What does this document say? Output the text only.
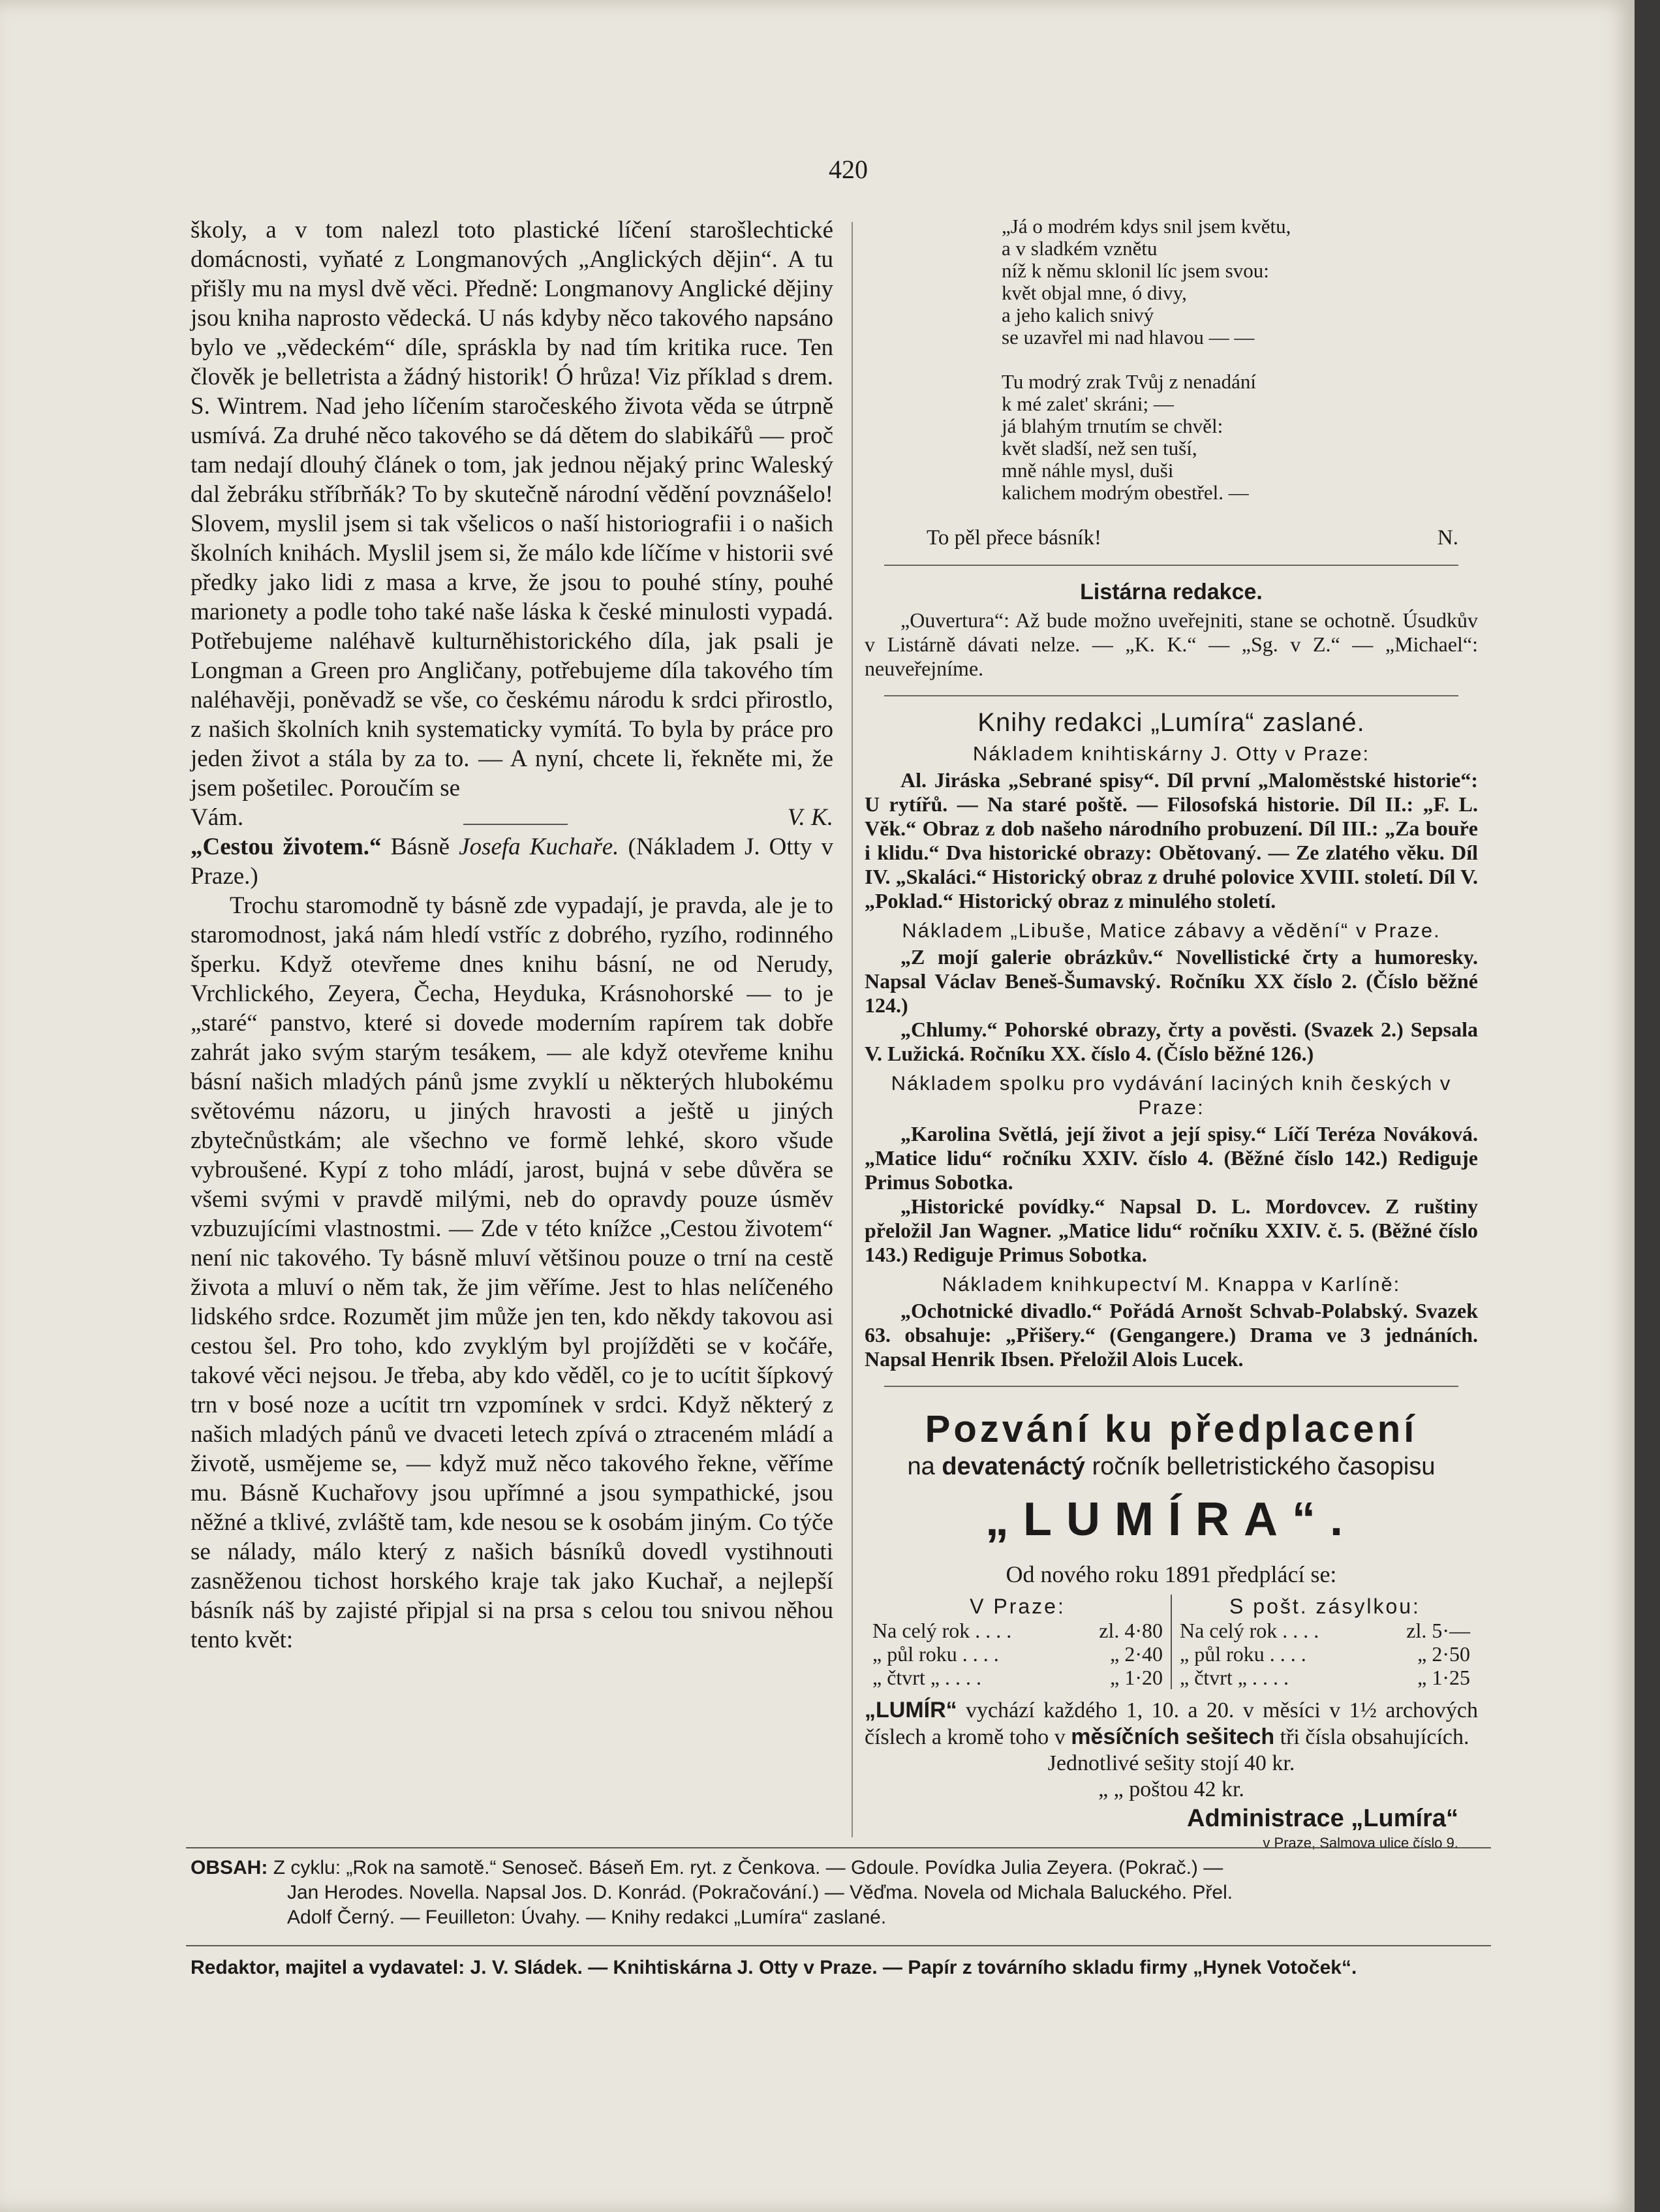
420

školy, a v tom nalezl toto plastické líčení starošlechtické domácnosti, vyňaté z Longmanových „Anglických dějin“. A tu přišly mu na mysl dvě věci. Předně: Longmanovy Anglické dějiny jsou kniha naprosto vědecká. U nás kdyby něco takového napsáno bylo ve „vědeckém“ díle, spráskla by nad tím kritika ruce. Ten člověk je belletrista a žádný historik! Ó hrůza! Viz příklad s drem. S. Wintrem. Nad jeho líčením staročeského života věda se útrpně usmívá. Za druhé něco takového se dá dětem do slabikářů — proč tam nedají dlouhý článek o tom, jak jednou nějaký princ Waleský dal žebráku stříbrňák? To by skutečně národní vědění povznášelo! Slovem, myslil jsem si tak všelicos o naší historiografii i o našich školních knihách. Myslil jsem si, že málo kde líčíme v historii své předky jako lidi z masa a krve, že jsou to pouhé stíny, pouhé marionety a podle toho také naše láska k české minulosti vypadá. Potřebujeme naléhavě kulturněhistorického díla, jak psali je Longman a Green pro Angličany, potřebujeme díla takového tím naléhavěji, poněvadž se vše, co českému národu k srdci přirostlo, z našich školních knih systematicky vymítá. To byla by práce pro jeden život a stála by za to. — A nyní, chcete li, řekněte mi, že jsem pošetilec. Poroučím se

Vám.	V. K.

„Cestou životem.“ Básně Josefa Kuchaře. (Nákladem J. Otty v Praze.)

Trochu staromodně ty básně zde vypadají, je pravda, ale je to staromodnost, jaká nám hledí vstříc z dobrého, ryzího, rodinného šperku. Když otevřeme dnes knihu básní, ne od Nerudy, Vrchlického, Zeyera, Čecha, Heyduka, Krásnohorské — to je „staré“ panstvo, které si dovede moderním rapírem tak dobře zahrát jako svým starým tesákem, — ale když otevřeme knihu básní našich mladých pánů jsme zvyklí u některých hlubokému světovému názoru, u jiných hravosti a ještě u jiných zbytečnůstkám; ale všechno ve formě lehké, skoro všude vybroušené. Kypí z toho mládí, jarost, bujná v sebe důvěra se všemi svými v pravdě milými, neb do opravdy pouze úsměv vzbuzujícími vlastnostmi. — Zde v této knížce „Cestou životem“ není nic takového. Ty básně mluví většinou pouze o trní na cestě života a mluví o něm tak, že jim věříme. Jest to hlas nelíčeného lidského srdce. Rozumět jim může jen ten, kdo někdy takovou asi cestou šel. Pro toho, kdo zvyklým byl projížděti se v kočáře, takové věci nejsou. Je třeba, aby kdo věděl, co je to ucítit šípkový trn v bosé noze a ucítit trn vzpomínek v srdci. Když některý z našich mladých pánů ve dvaceti letech zpívá o ztraceném mládí a životě, usmějeme se, — když muž něco takového řekne, věříme mu. Básně Kuchařovy jsou upřímné a jsou sympathické, jsou něžné a tklivé, zvláště tam, kde nesou se k osobám jiným. Co týče se nálady, málo který z našich básníků dovedl vystihnouti zasněženou tichost horského kraje tak jako Kuchař, a nejlepší básník náš by zajisté připjal si na prsa s celou tou snivou něhou tento květ:

„Já o modrém kdys snil jsem květu,
a v sladkém vznětu
níž k němu sklonil líc jsem svou:
květ objal mne, ó divy,
a jeho kalich snivý
se uzavřel mi nad hlavou — —
Tu modrý zrak Tvůj z nenadání
k mé zalet' skráni; —
já blahým trnutím se chvěl:
květ sladší, než sen tuší,
mně náhle mysl, duši
kalichem modrým obestřel. —
To pěl přece básník!	N.
Listárna redakce.

„Ouvertura“: Až bude možno uveřejniti, stane se ochotně. Úsudkův v Listárně dávati nelze. — „K. K.“ — „Sg. v Z.“ — „Michael“: neuveřejníme.

Knihy redakci „Lumíra“ zaslané.
Nákladem knihtiskárny J. Otty v Praze:

Al. Jiráska „Sebrané spisy“. Díl první „Maloměstské historie“: U rytířů. — Na staré poště. — Filosofská historie. Díl II.: „F. L. Věk.“ Obraz z dob našeho národního probuzení. Díl III.: „Za bouře i klidu.“ Dva historické obrazy: Obětovaný. — Ze zlatého věku. Díl IV. „Skaláci.“ Historický obraz z druhé polovice XVIII. století. Díl V. „Poklad.“ Historický obraz z minulého století.

Nákladem „Libuše, Matice zábavy a vědění“ v Praze.

„Z mojí galerie obrázkův.“ Novellistické črty a humoresky. Napsal Václav Beneš-Šumavský. Ročníku XX číslo 2. (Číslo běžné 124.)

„Chlumy.“ Pohorské obrazy, črty a pověsti. (Svazek 2.) Sepsala V. Lužická. Ročníku XX. číslo 4. (Číslo běžné 126.)

Nákladem spolku pro vydávání laciných knih českých v Praze:

„Karolina Světlá, její život a její spisy.“ Líčí Teréza Nováková. „Matice lidu“ ročníku XXIV. číslo 4. (Běžné číslo 142.) Rediguje Primus Sobotka.

„Historické povídky.“ Napsal D. L. Mordovcev. Z ruštiny přeložil Jan Wagner. „Matice lidu“ ročníku XXIV. č. 5. (Běžné číslo 143.) Rediguje Primus Sobotka.

Nákladem knihkupectví M. Knappa v Karlíně:

„Ochotnické divadlo.“ Pořádá Arnošt Schvab-Polabský. Svazek 63. obsahuje: „Přišery.“ (Gengangere.) Drama ve 3 jednáních. Napsal Henrik Ibsen. Přeložil Alois Lucek.

Pozvání ku předplacení
na devatenáctý ročník belletristického časopisu
„LUMÍRA“.
Od nového roku 1891 předplácí se:
V Praze:
Na celý rok . . . .	zl. 4·80
„ půl roku . . . .	„ 2·40
„ čtvrt „ . . . .	„ 1·20
S pošt. zásylkou:
Na celý rok . . . .	zl. 5·—
„ půl roku . . . .	„ 2·50
„ čtvrt „ . . . .	„ 1·25
„LUMÍR“ vychází každého 1, 10. a 20. v měsíci v 1½ archových číslech a kromě toho v měsíčních sešitech tři čísla obsahujících.
Jednotlivé sešity stojí 40 kr.
„ „ poštou 42 kr.
Administrace „Lumíra“
v Praze, Salmova ulice číslo 9.
OBSAH: Z cyklu: „Rok na samotě.“ Senoseč. Báseň Em. ryt. z Čenkova. — Gdoule. Povídka Julia Zeyera. (Pokrač.) —
Jan Herodes. Novella. Napsal Jos. D. Konrád. (Pokračování.) — Věďma. Novela od Michala Baluckého. Přel.
Adolf Černý. — Feuilleton: Úvahy. — Knihy redakci „Lumíra“ zaslané.
Redaktor, majitel a vydavatel: J. V. Sládek. — Knihtiskárna J. Otty v Praze. — Papír z továrního skladu firmy „Hynek Votoček“.
